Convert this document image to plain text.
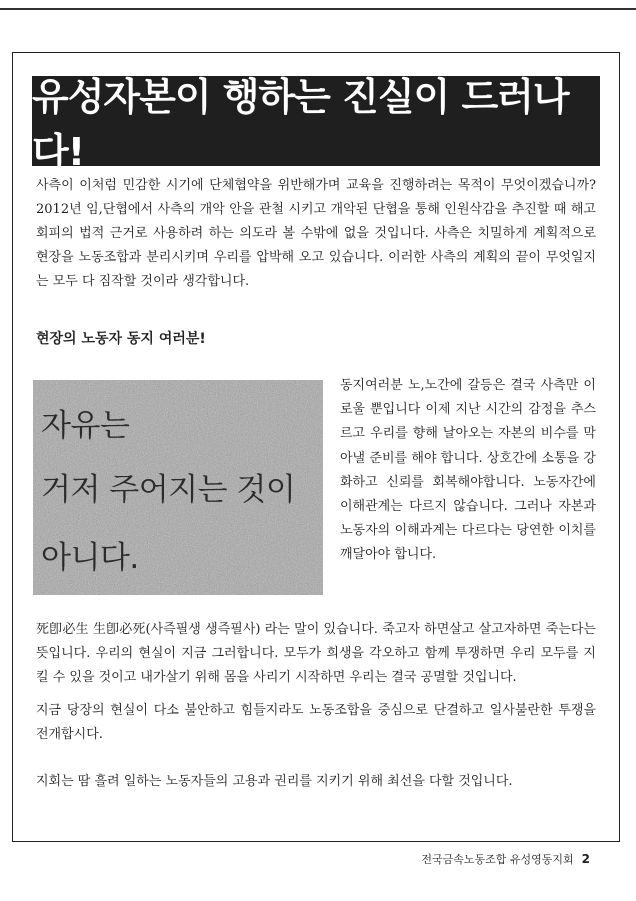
유성자본이 행하는 진실이 드러나다!

사측이 이처럼 민감한 시기에 단체협약을 위반해가며 교육을 진행하려는 목적이 무엇이겠습니까? 2012년 임,단협에서 사측의 개악 안을 관철 시키고 개악된 단협을 통해 인원삭감을 추진할 때 해고회피의 법적 근거로 사용하려 하는 의도라 볼 수밖에 없을 것입니다. 사측은 치밀하게 계획적으로 현장을 노동조합과 분리시키며 우리를 압박해 오고 있습니다. 이러한 사측의 계획의 끝이 무엇일지는 모두 다 짐작할 것이라 생각합니다.

현장의 노동자 동지 여러분!
자유는
거저 주어지는 것이
아니다.

동지여러분 노,노간에 갈등은 결국 사측만 이로울 뿐입니다 이제 지난 시간의 감정을 추스르고 우리를 향해 날아오는 자본의 비수를 막아낼 준비를 해야 합니다. 상호간에 소통을 강화하고 신뢰를 회복해야합니다. 노동자간에 이해관계는 다르지 않습니다. 그러나 자본과 노동자의 이해과계는 다르다는 당연한 이치를 깨달아야 합니다.

死卽必生 生卽必死(사즉필생 생즉필사) 라는 말이 있습니다. 죽고자 하면살고 살고자하면 죽는다는 뜻입니다. 우리의 현실이 지금 그러합니다. 모두가 희생을 각오하고 함께 투쟁하면 우리 모두를 지킬 수 있을 것이고 내가살기 위해 몸을 사리기 시작하면 우리는 결국 공멸할 것입니다.

지금 당장의 현실이 다소 불안하고 힘들지라도 노동조합을 중심으로 단결하고 일사불란한 투쟁을 전개합시다.

지회는 땀 흘려 일하는 노동자들의 고용과 권리를 지키기 위해 최선을 다할 것입니다.

전국금속노동조합 유성영동지회 2
